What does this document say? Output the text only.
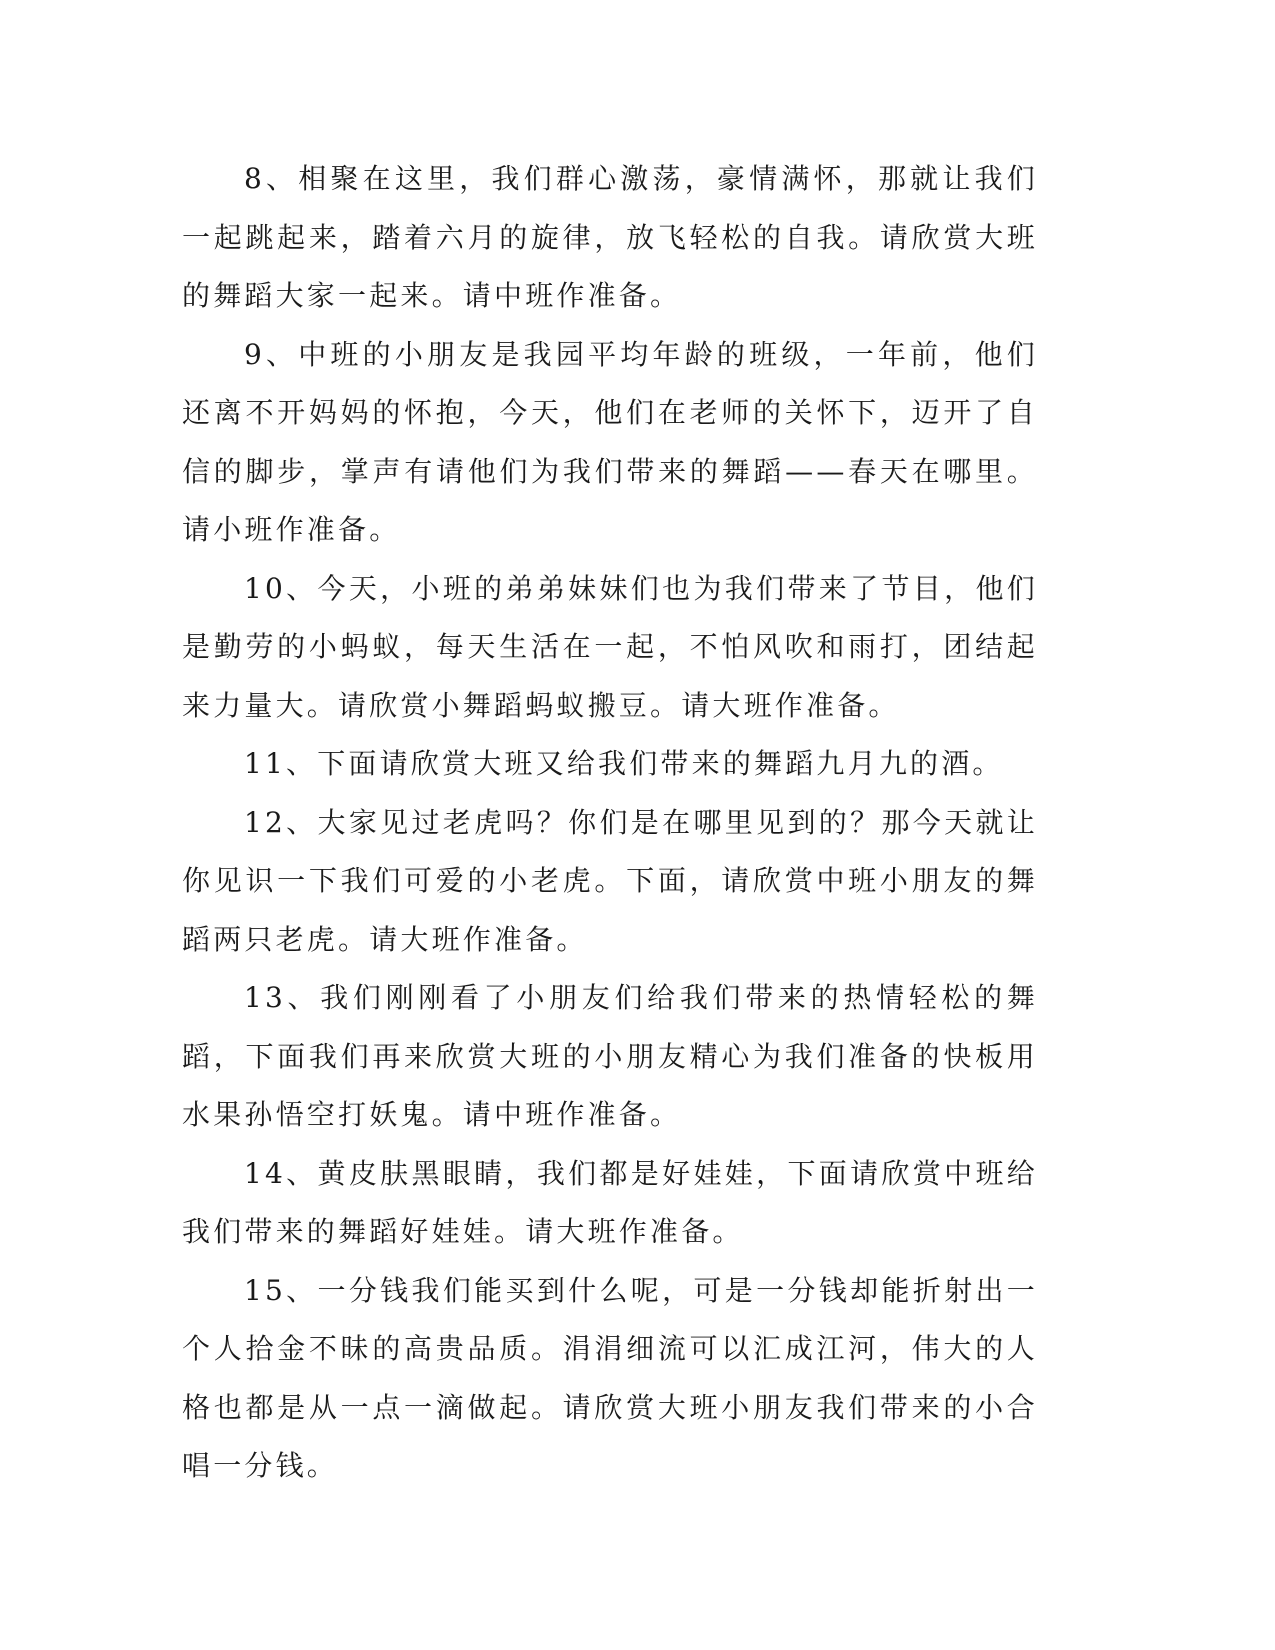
8、相聚在这里，我们群心激荡，豪情满怀，那就让我们一起跳起来，踏着六月的旋律，放飞轻松的自我。请欣赏大班的舞蹈大家一起来。请中班作准备。

9、中班的小朋友是我园平均年龄的班级，一年前，他们还离不开妈妈的怀抱，今天，他们在老师的关怀下，迈开了自信的脚步，掌声有请他们为我们带来的舞蹈——春天在哪里。请小班作准备。

10、今天，小班的弟弟妹妹们也为我们带来了节目，他们是勤劳的小蚂蚁，每天生活在一起，不怕风吹和雨打，团结起来力量大。请欣赏小舞蹈蚂蚁搬豆。请大班作准备。

11、下面请欣赏大班又给我们带来的舞蹈九月九的酒。

12、大家见过老虎吗？你们是在哪里见到的？那今天就让你见识一下我们可爱的小老虎。下面，请欣赏中班小朋友的舞蹈两只老虎。请大班作准备。

13、我们刚刚看了小朋友们给我们带来的热情轻松的舞蹈，下面我们再来欣赏大班的小朋友精心为我们准备的快板用水果孙悟空打妖鬼。请中班作准备。

14、黄皮肤黑眼睛，我们都是好娃娃，下面请欣赏中班给我们带来的舞蹈好娃娃。请大班作准备。

15、一分钱我们能买到什么呢，可是一分钱却能折射出一个人拾金不昧的高贵品质。涓涓细流可以汇成江河，伟大的人格也都是从一点一滴做起。请欣赏大班小朋友我们带来的小合唱一分钱。
